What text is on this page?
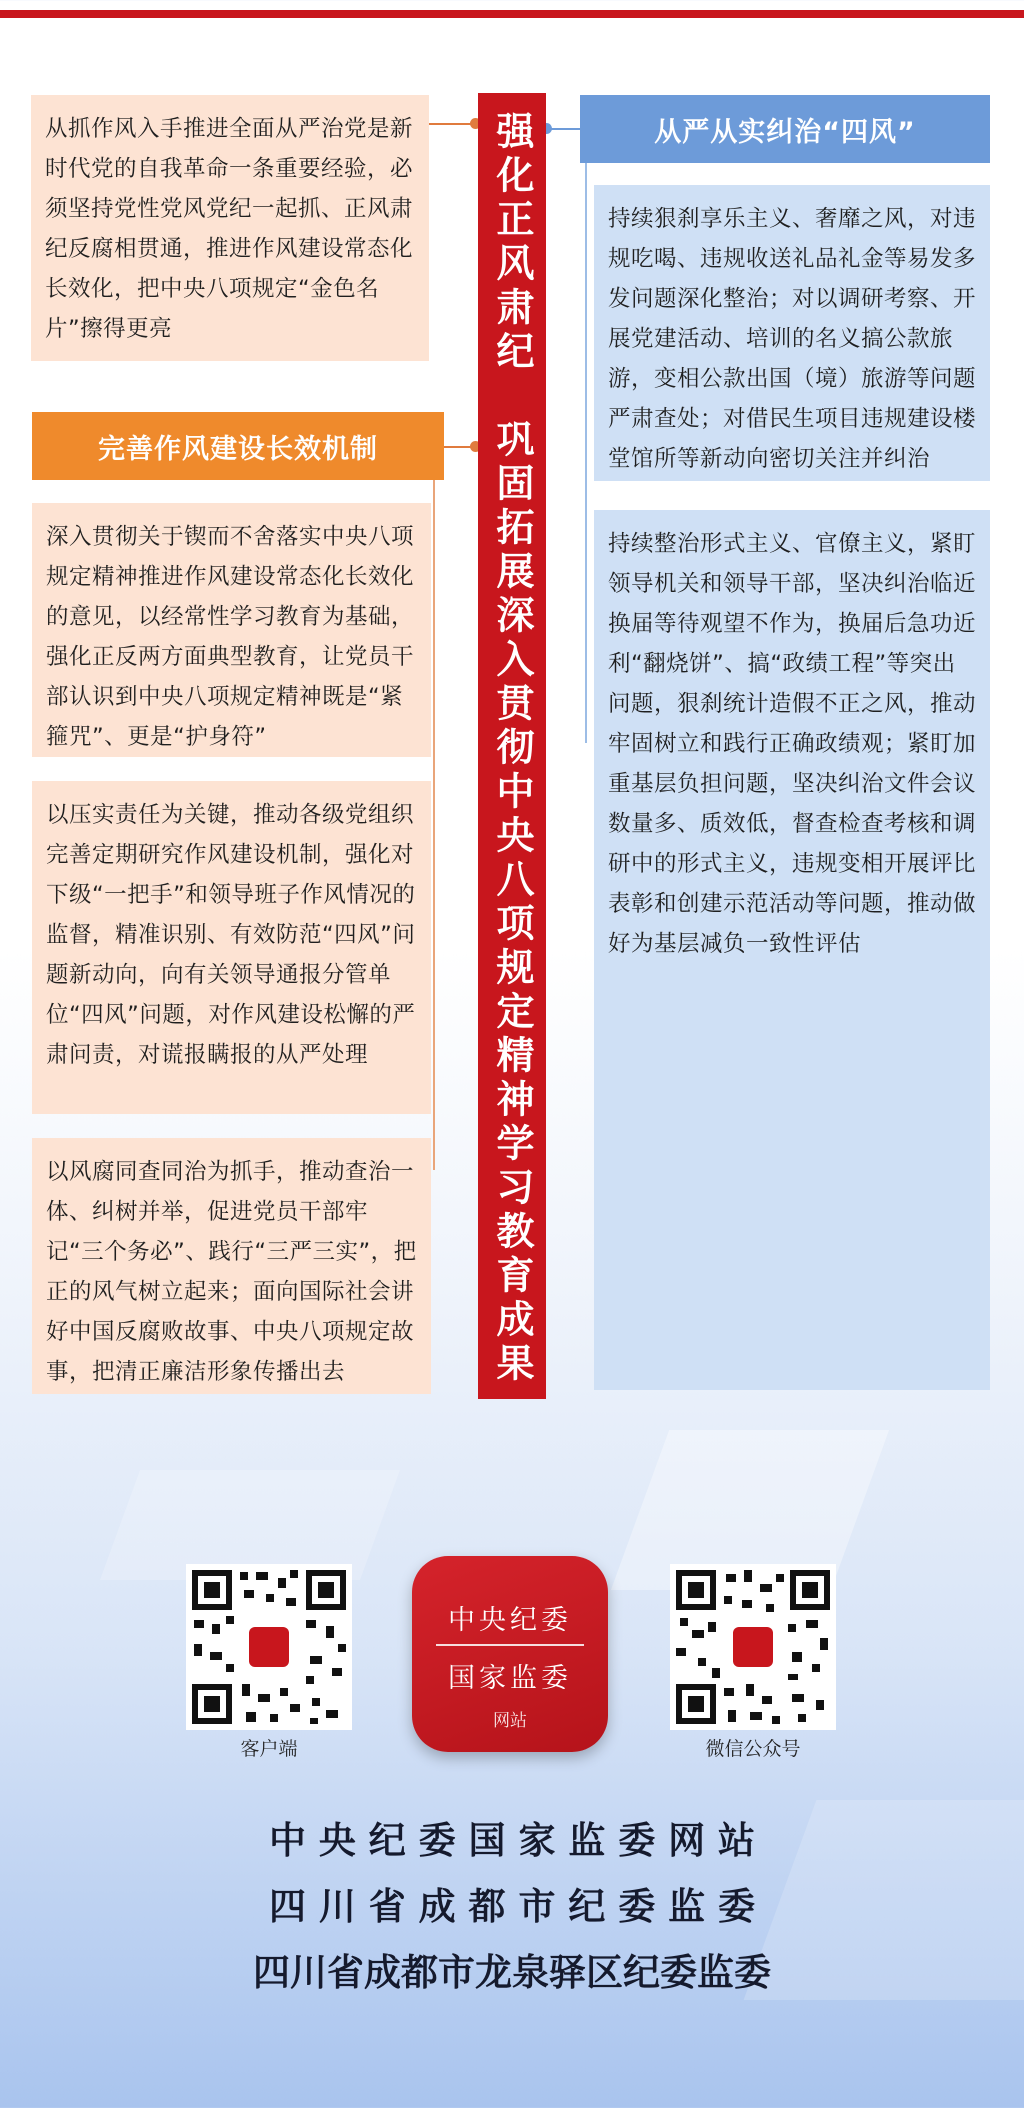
从抓作风入手推进全面从严治党是新时代党的自我革命一条重要经验，必须坚持党性党风党纪一起抓、正风肃纪反腐相贯通，推进作风建设常态化长效化，把中央八项规定“金色名片”擦得更亮
完善作风建设长效机制
深入贯彻关于锲而不舍落实中央八项规定精神推进作风建设常态化长效化的意见，以经常性学习教育为基础，强化正反两方面典型教育，让党员干部认识到中央八项规定精神既是“紧箍咒”、更是“护身符”
以压实责任为关键，推动各级党组织完善定期研究作风建设机制，强化对下级“一把手”和领导班子作风情况的监督，精准识别、有效防范“四风”问题新动向，向有关领导通报分管单位“四风”问题，对作风建设松懈的严肃问责，对谎报瞒报的从严处理
以风腐同查同治为抓手，推动查治一体、纠树并举，促进党员干部牢记“三个务必”、践行“三严三实”，把正的风气树立起来；面向国际社会讲好中国反腐败故事、中央八项规定故事，把清正廉洁形象传播出去	强化正风肃纪　巩固拓展深入贯彻中央八项规定精神学习教育成果	从严从实纠治“四风”
持续狠刹享乐主义、奢靡之风，对违规吃喝、违规收送礼品礼金等易发多发问题深化整治；对以调研考察、开展党建活动、培训的名义搞公款旅游，变相公款出国（境）旅游等问题严肃查处；对借民生项目违规建设楼堂馆所等新动向密切关注并纠治
持续整治形式主义、官僚主义，紧盯领导机关和领导干部，坚决纠治临近换届等待观望不作为，换届后急功近利“翻烧饼”、搞“政绩工程”等突出问题，狠刹统计造假不正之风，推动牢固树立和践行正确政绩观；紧盯加重基层负担问题，坚决纠治文件会议数量多、质效低，督查检查考核和调研中的形式主义，违规变相开展评比表彰和创建示范活动等问题，推动做好为基层减负一致性评估
客户端
中央纪委
国家监委
网站
微信公众号
中 央 纪 委 国 家 监 委 网 站
四 川 省 成 都 市 纪 委 监 委
四川省成都市龙泉驿区纪委监委
